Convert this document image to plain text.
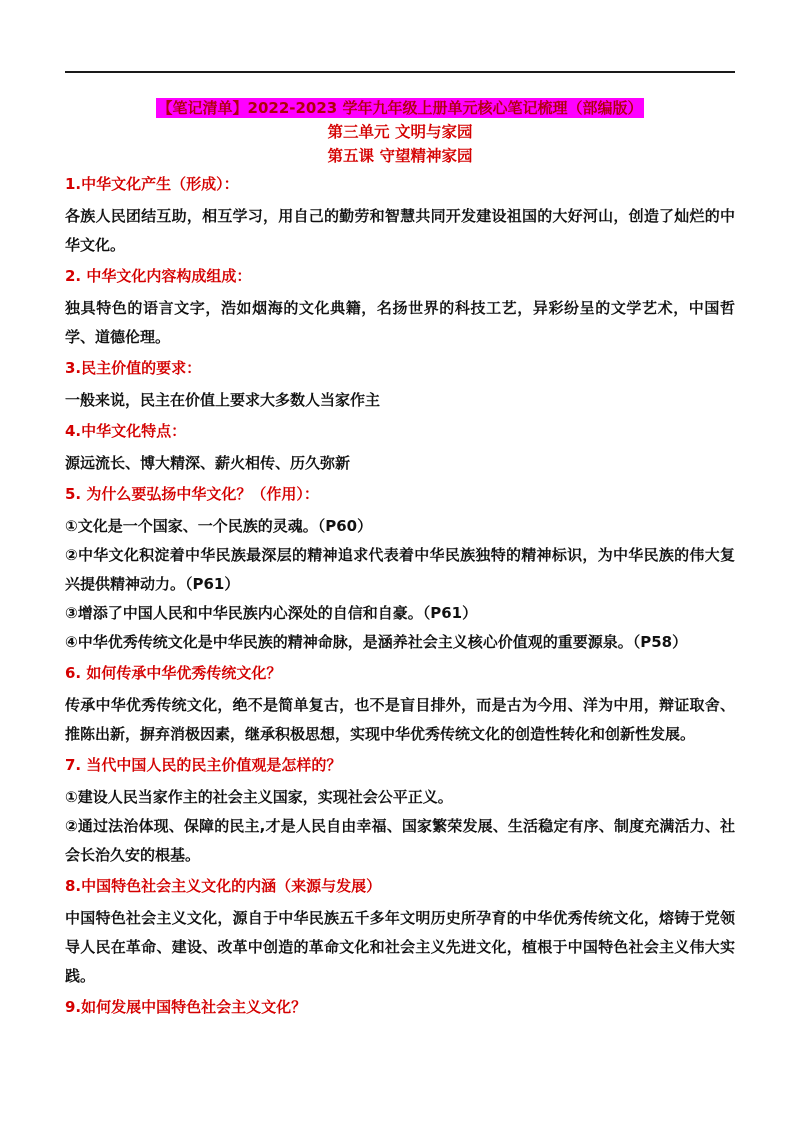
【笔记清单】2022-2023 学年九年级上册单元核心笔记梳理（部编版）
第三单元 文明与家园
第五课 守望精神家园
1.中华文化产生（形成）：

各族人民团结互助，相互学习，用自己的勤劳和智慧共同开发建设祖国的大好河山，创造了灿烂的中华文化。

2. 中华文化内容构成组成：

独具特色的语言文字，浩如烟海的文化典籍，名扬世界的科技工艺，异彩纷呈的文学艺术，中国哲学、道德伦理。

3.民主价值的要求：

一般来说，民主在价值上要求大多数人当家作主

4.中华文化特点：

源远流长、博大精深、薪火相传、历久弥新

5. 为什么要弘扬中华文化？（作用）：

①文化是一个国家、一个民族的灵魂。（P60）

②中华文化积淀着中华民族最深层的精神追求代表着中华民族独特的精神标识，为中华民族的伟大复兴提供精神动力。（P61）

③增添了中国人民和中华民族内心深处的自信和自豪。（P61）

④中华优秀传统文化是中华民族的精神命脉，是涵养社会主义核心价值观的重要源泉。（P58）

6. 如何传承中华优秀传统文化？

传承中华优秀传统文化，绝不是简单复古，也不是盲目排外，而是古为今用、洋为中用，辩证取舍、推陈出新，摒弃消极因素，继承积极思想，实现中华优秀传统文化的创造性转化和创新性发展。

7. 当代中国人民的民主价值观是怎样的？

①建设人民当家作主的社会主义国家，实现社会公平正义。

②通过法治体现、保障的民主,才是人民自由幸福、国家繁荣发展、生活稳定有序、制度充满活力、社会长治久安的根基。

8.中国特色社会主义文化的内涵（来源与发展）

中国特色社会主义文化，源自于中华民族五千多年文明历史所孕育的中华优秀传统文化，熔铸于党领导人民在革命、建设、改革中创造的革命文化和社会主义先进文化，植根于中国特色社会主义伟大实践。

9.如何发展中国特色社会主义文化？
